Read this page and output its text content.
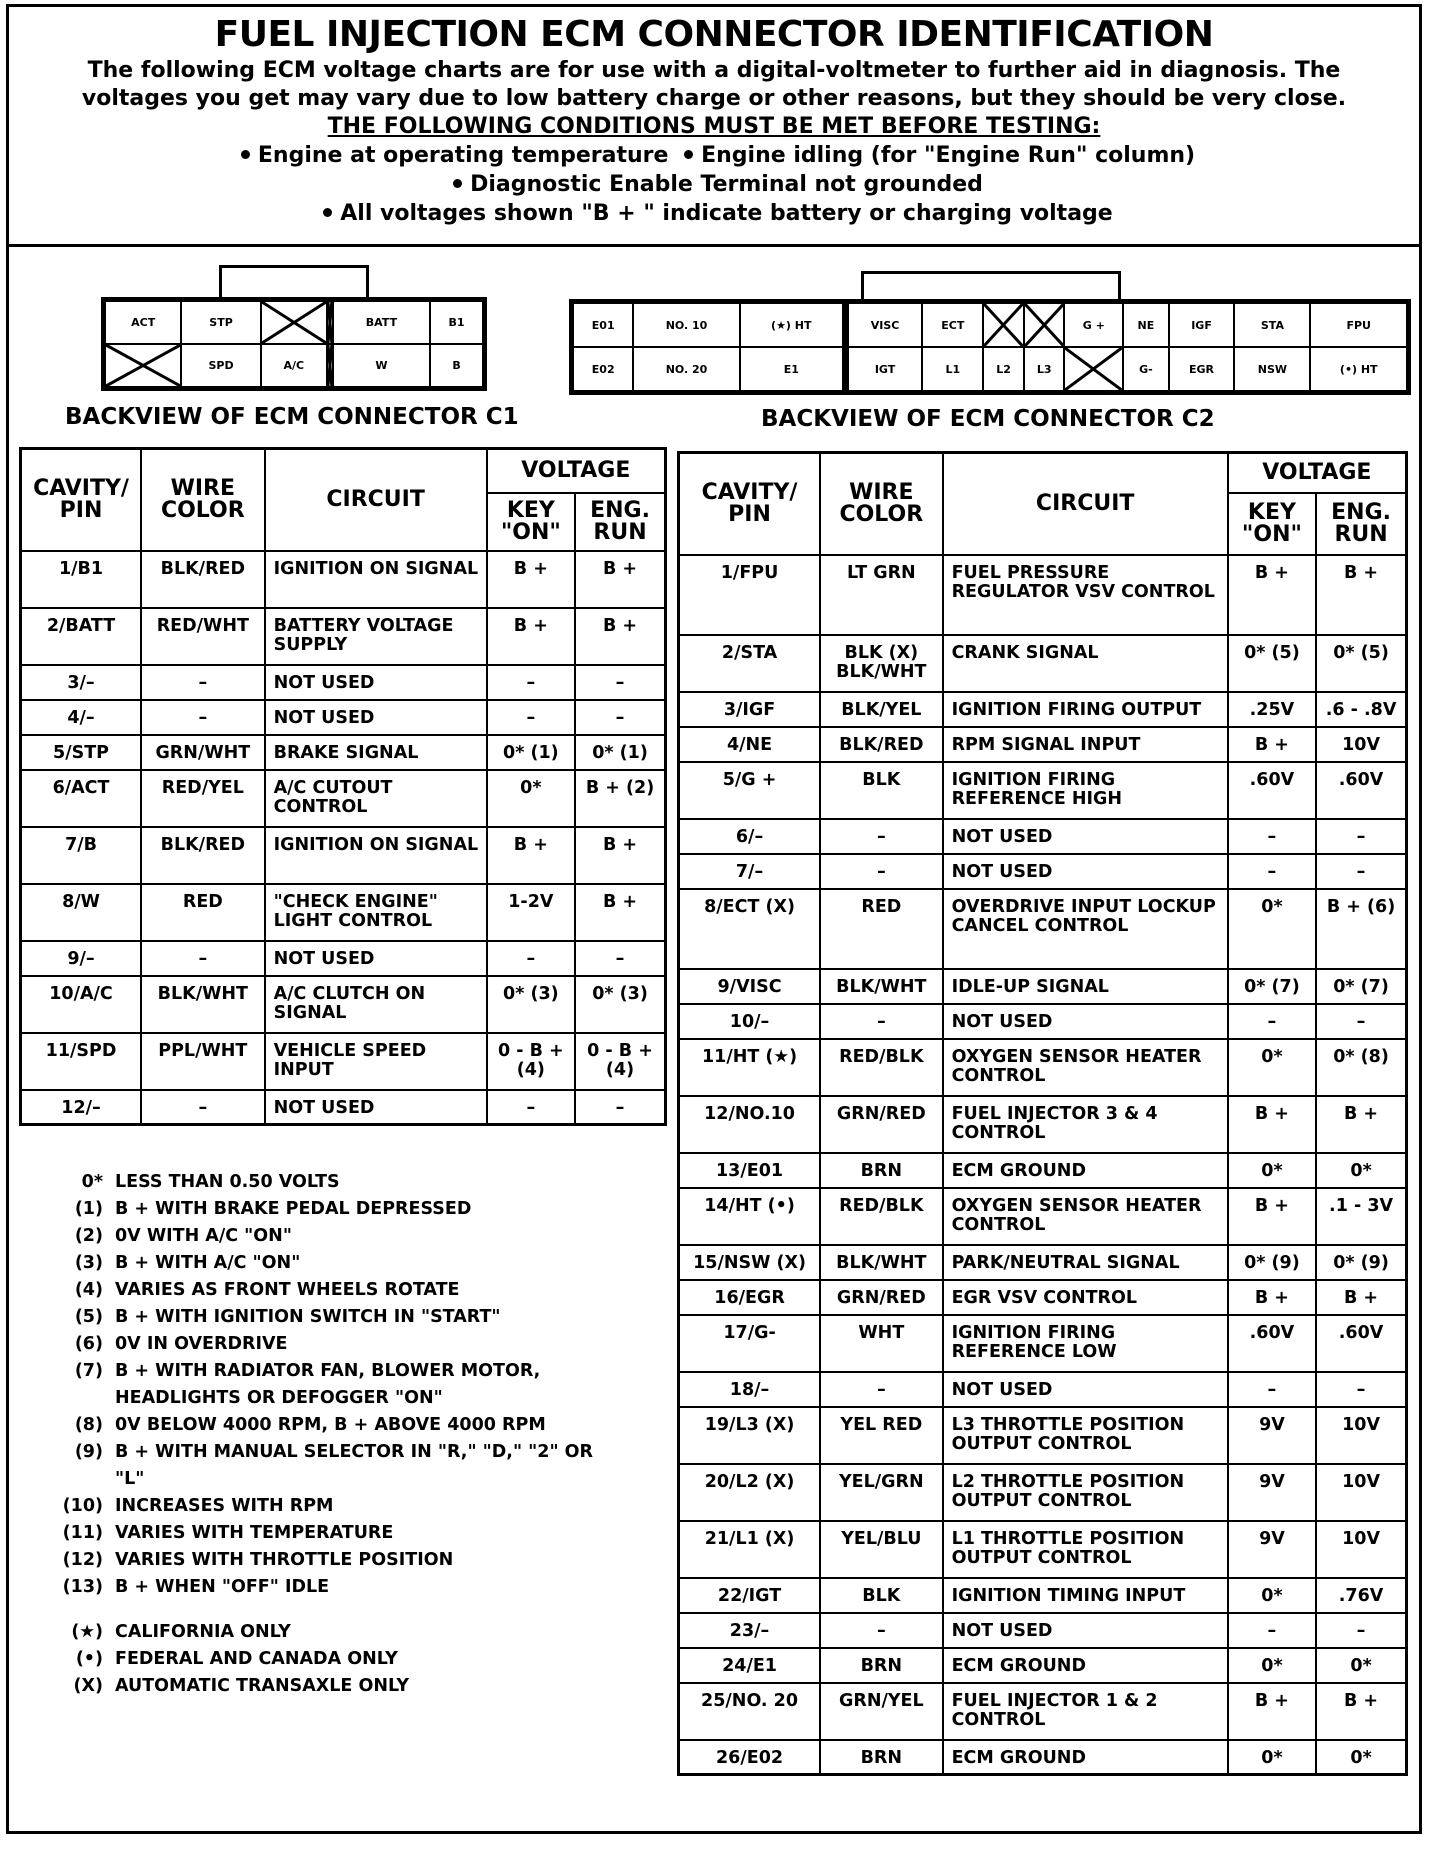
FUEL INJECTION ECM CONNECTOR IDENTIFICATION
The following ECM voltage charts are for use with a digital-voltmeter to further aid in diagnosis. The voltages you get may vary due to low battery charge or other reasons, but they should be very close.
THE FOLLOWING CONDITIONS MUST BE MET BEFORE TESTING:
Engine at operating temperature Engine idling (for "Engine Run" column)
Diagnostic Enable Terminal not grounded
All voltages shown "B + " indicate battery or charging voltage
ACT	STP			BATT	B1

	SPD	A/C		W	B
BACKVIEW OF ECM CONNECTOR C1
E01	NO. 10	(★) HT		VISC	ECT			G +	NE	IGF	STA	FPU
E02	NO. 20	E1		IGT	L1	L2	L3		G-	EGR	NSW	(•) HT
BACKVIEW OF ECM CONNECTOR C2
CAVITY/ PIN	WIRE COLOR	CIRCUIT	VOLTAGE	
			KEY "ON"	ENG. RUN
1/B1	BLK/RED	IGNITION ON SIGNAL	B +	B +
2/BATT	RED/WHT	BATTERY VOLTAGE SUPPLY	B +	B +
3/–	–	NOT USED	–	–
4/–	–	NOT USED	–	–
5/STP	GRN/WHT	BRAKE SIGNAL	0* (1)	0* (1)
6/ACT	RED/YEL	A/C CUTOUT CONTROL	0*	B + (2)
7/B	BLK/RED	IGNITION ON SIGNAL	B +	B +
8/W	RED	"CHECK ENGINE" LIGHT CONTROL	1-2V	B +
9/–	–	NOT USED	–	–
10/A/C	BLK/WHT	A/C CLUTCH ON SIGNAL	0* (3)	0* (3)
11/SPD	PPL/WHT	VEHICLE SPEED INPUT	0 - B + (4)	0 - B + (4)
12/–	–	NOT USED	–	–
CAVITY/ PIN	WIRE COLOR	CIRCUIT	VOLTAGE	
			KEY "ON"	ENG. RUN
1/FPU	LT GRN	FUEL PRESSURE REGULATOR VSV CONTROL	B +	B +
2/STA	BLK (X) BLK/WHT	CRANK SIGNAL	0* (5)	0* (5)
3/IGF	BLK/YEL	IGNITION FIRING OUTPUT	.25V	.6 - .8V
4/NE	BLK/RED	RPM SIGNAL INPUT	B +	10V
5/G +	BLK	IGNITION FIRING REFERENCE HIGH	.60V	.60V
6/–	–	NOT USED	–	–
7/–	–	NOT USED	–	–
8/ECT (X)	RED	OVERDRIVE INPUT LOCKUP CANCEL CONTROL	0*	B + (6)
9/VISC	BLK/WHT	IDLE-UP SIGNAL	0* (7)	0* (7)
10/–	–	NOT USED	–	–
11/HT (★)	RED/BLK	OXYGEN SENSOR HEATER CONTROL	0*	0* (8)
12/NO.10	GRN/RED	FUEL INJECTOR 3 & 4 CONTROL	B +	B +
13/E01	BRN	ECM GROUND	0*	0*
14/HT (•)	RED/BLK	OXYGEN SENSOR HEATER CONTROL	B +	.1 - 3V
15/NSW (X)	BLK/WHT	PARK/NEUTRAL SIGNAL	0* (9)	0* (9)
16/EGR	GRN/RED	EGR VSV CONTROL	B +	B +
17/G-	WHT	IGNITION FIRING REFERENCE LOW	.60V	.60V
18/–	–	NOT USED	–	–
19/L3 (X)	YEL RED	L3 THROTTLE POSITION OUTPUT CONTROL	9V	10V
20/L2 (X)	YEL/GRN	L2 THROTTLE POSITION OUTPUT CONTROL	9V	10V
21/L1 (X)	YEL/BLU	L1 THROTTLE POSITION OUTPUT CONTROL	9V	10V
22/IGT	BLK	IGNITION TIMING INPUT	0*	.76V
23/–	–	NOT USED	–	–
24/E1	BRN	ECM GROUND	0*	0*
25/NO. 20	GRN/YEL	FUEL INJECTOR 1 & 2 CONTROL	B +	B +
26/E02	BRN	ECM GROUND	0*	0*
0* LESS THAN 0.50 VOLTS
(1) B + WITH BRAKE PEDAL DEPRESSED
(2) 0V WITH A/C "ON"
(3) B + WITH A/C "ON"
(4) VARIES AS FRONT WHEELS ROTATE
(5) B + WITH IGNITION SWITCH IN "START"
(6) 0V IN OVERDRIVE
(7) B + WITH RADIATOR FAN, BLOWER MOTOR, HEADLIGHTS OR DEFOGGER "ON"
(8) 0V BELOW 4000 RPM, B + ABOVE 4000 RPM
(9) B + WITH MANUAL SELECTOR IN "R," "D," "2" OR "L"
(10) INCREASES WITH RPM
(11) VARIES WITH TEMPERATURE
(12) VARIES WITH THROTTLE POSITION
(13) B + WHEN "OFF" IDLE
(★) CALIFORNIA ONLY
(•) FEDERAL AND CANADA ONLY
(X) AUTOMATIC TRANSAXLE ONLY
